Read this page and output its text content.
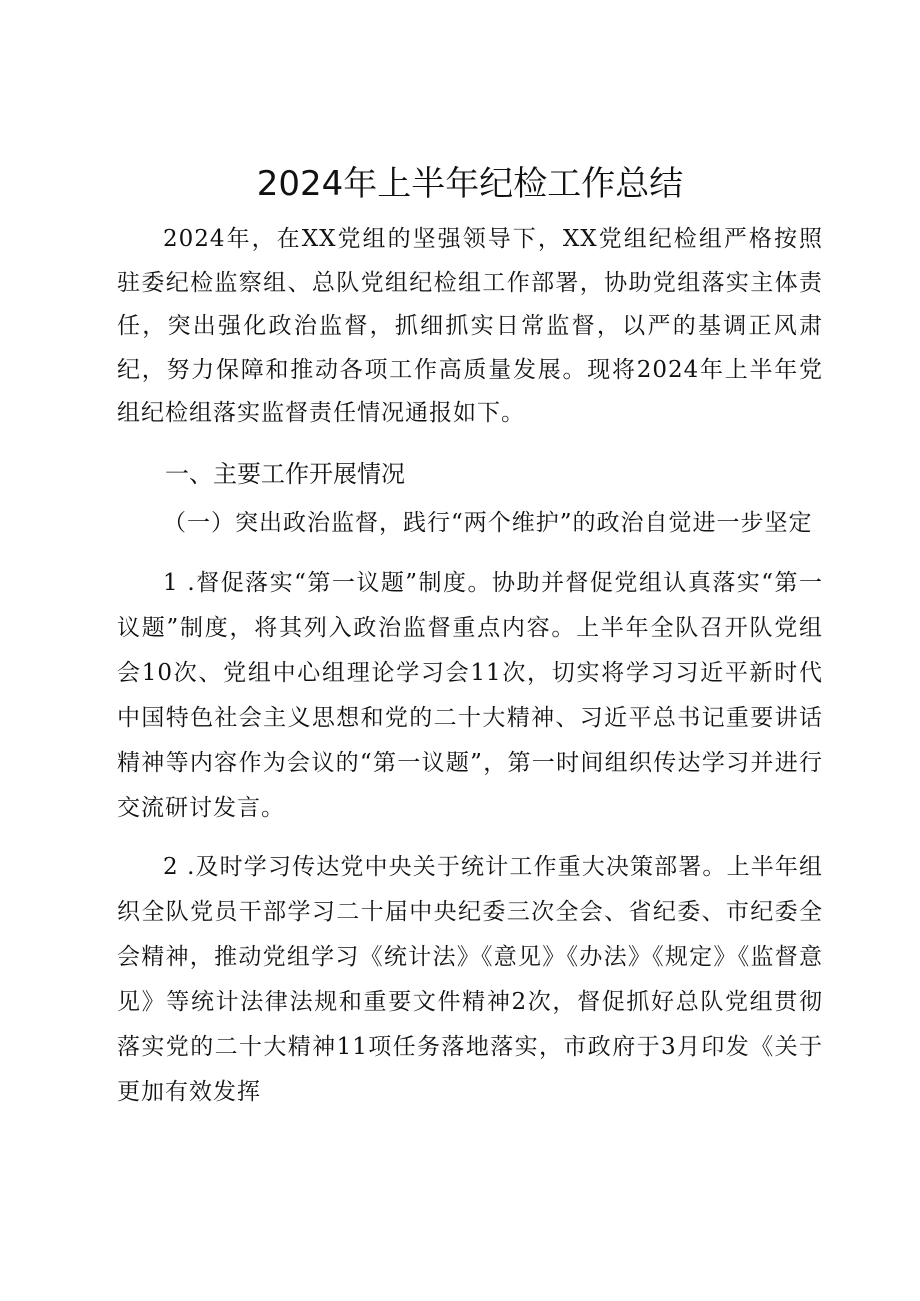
2024年上半年纪检工作总结

2024年，在XX党组的坚强领导下，XX党组纪检组严格按照驻委纪检监察组、总队党组纪检组工作部署，协助党组落实主体责任，突出强化政治监督，抓细抓实日常监督，以严的基调正风肃纪，努力保障和推动各项工作高质量发展。现将2024年上半年党组纪检组落实监督责任情况通报如下。

一、主要工作开展情况

（一）突出政治监督，践行“两个维护”的政治自觉进一步坚定

1 .督促落实“第一议题”制度。协助并督促党组认真落实“第一议题”制度，将其列入政治监督重点内容。上半年全队召开队党组会10次、党组中心组理论学习会11次，切实将学习习近平新时代中国特色社会主义思想和党的二十大精神、习近平总书记重要讲话精神等内容作为会议的“第一议题”，第一时间组织传达学习并进行交流研讨发言。

2 .及时学习传达党中央关于统计工作重大决策部署。上半年组织全队党员干部学习二十届中央纪委三次全会、省纪委、市纪委全会精神，推动党组学习《统计法》《意见》《办法》《规定》《监督意见》等统计法律法规和重要文件精神2次，督促抓好总队党组贯彻落实党的二十大精神11项任务落地落实，市政府于3月印发《关于更加有效发挥
